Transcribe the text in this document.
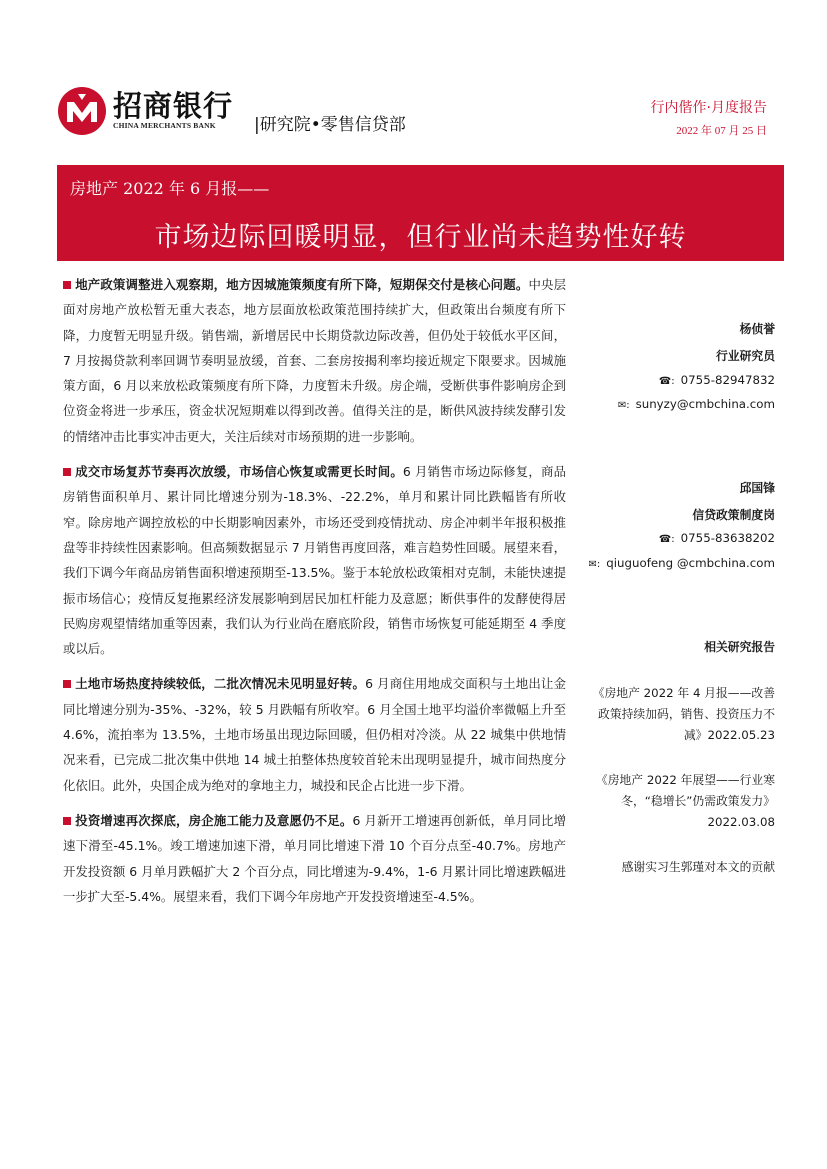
招商银行
CHINA MERCHANTS BANK |研究院•零售信贷部
行内偕作·月度报告
2022 年 07 月 25 日
房地产 2022 年 6 月报——
市场边际回暖明显，但行业尚未趋势性好转

地产政策调整进入观察期，地方因城施策频度有所下降，短期保交付是核心问题。中央层面对房地产放松暂无重大表态，地方层面放松政策范围持续扩大，但政策出台频度有所下降，力度暂无明显升级。销售端，新增居民中长期贷款边际改善，但仍处于较低水平区间，7 月按揭贷款利率回调节奏明显放缓，首套、二套房按揭利率均接近规定下限要求。因城施策方面，6 月以来放松政策频度有所下降，力度暂未升级。房企端，受断供事件影响房企到位资金将进一步承压，资金状况短期难以得到改善。值得关注的是，断供风波持续发酵引发的情绪冲击比事实冲击更大，关注后续对市场预期的进一步影响。

成交市场复苏节奏再次放缓，市场信心恢复或需更长时间。6 月销售市场边际修复，商品房销售面积单月、累计同比增速分别为-18.3%、-22.2%，单月和累计同比跌幅皆有所收窄。除房地产调控放松的中长期影响因素外，市场还受到疫情扰动、房企冲刺半年报积极推盘等非持续性因素影响。但高频数据显示 7 月销售再度回落，难言趋势性回暖。展望来看，我们下调今年商品房销售面积增速预期至-13.5%。鉴于本轮放松政策相对克制，未能快速提振市场信心；疫情反复拖累经济发展影响到居民加杠杆能力及意愿；断供事件的发酵使得居民购房观望情绪加重等因素，我们认为行业尚在磨底阶段，销售市场恢复可能延期至 4 季度或以后。

土地市场热度持续较低，二批次情况未见明显好转。6 月商住用地成交面积与土地出让金同比增速分别为-35%、-32%，较 5 月跌幅有所收窄。6 月全国土地平均溢价率微幅上升至 4.6%，流拍率为 13.5%，土地市场虽出现边际回暖，但仍相对冷淡。从 22 城集中供地情况来看，已完成二批次集中供地 14 城土拍整体热度较首轮未出现明显提升，城市间热度分化依旧。此外，央国企成为绝对的拿地主力，城投和民企占比进一步下滑。

投资增速再次探底，房企施工能力及意愿仍不足。6 月新开工增速再创新低，单月同比增速下滑至-45.1%。竣工增速加速下滑，单月同比增速下滑 10 个百分点至-40.7%。房地产开发投资额 6 月单月跌幅扩大 2 个百分点，同比增速为-9.4%，1-6 月累计同比增速跌幅进一步扩大至-5.4%。展望来看，我们下调今年房地产开发投资增速至-4.5%。

杨侦誉
行业研究员
☎: 0755-82947832
✉: sunyzy@cmbchina.com
邱国锋
信贷政策制度岗
☎: 0755-83638202
✉: qiuguofeng @cmbchina.com
相关研究报告
《房地产 2022 年 4 月报——改善政策持续加码，销售、投资压力不减》2022.05.23
《房地产 2022 年展望——行业寒冬，“稳增长”仍需政策发力》2022.03.08
感谢实习生郭瑾对本文的贡献
